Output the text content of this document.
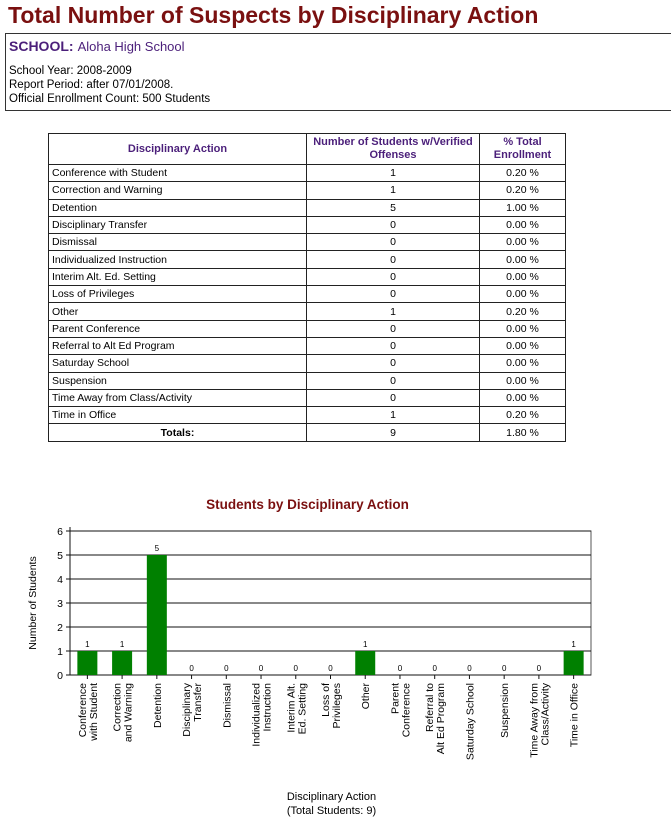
Total Number of Suspects by Disciplinary Action
SCHOOL: Aloha High School
School Year: 2008-2009
Report Period: after 07/01/2008.
Official Enrollment Count: 500 Students
Disciplinary Action	Number of Students w/Verified Offenses	% Total Enrollment
Conference with Student	1	0.20 %
Correction and Warning	1	0.20 %
Detention	5	1.00 %
Disciplinary Transfer	0	0.00 %
Dismissal	0	0.00 %
Individualized Instruction	0	0.00 %
Interim Alt. Ed. Setting	0	0.00 %
Loss of Privileges	0	0.00 %
Other	1	0.20 %
Parent Conference	0	0.00 %
Referral to Alt Ed Program	0	0.00 %
Saturday School	0	0.00 %
Suspension	0	0.00 %
Time Away from Class/Activity	0	0.00 %
Time in Office	1	0.20 %
Totals:	9	1.80 %
Students by Disciplinary Action
0
1
2
3
4
5
6
Number of Students	1
Conference with Student
1
Correction and Warning
5
Detention
0
Disciplinary Transfer
0
Dismissal
0
Individualized Instruction
0
Interim Alt. Ed. Setting
0
Loss of Privileges
1
Other
0
Parent Conference
0
Referral to Alt Ed Program
0
Saturday School
0
Suspension
0
Time Away from Class/Activity
1
Time in Office
Disciplinary Action
(Total Students: 9)
